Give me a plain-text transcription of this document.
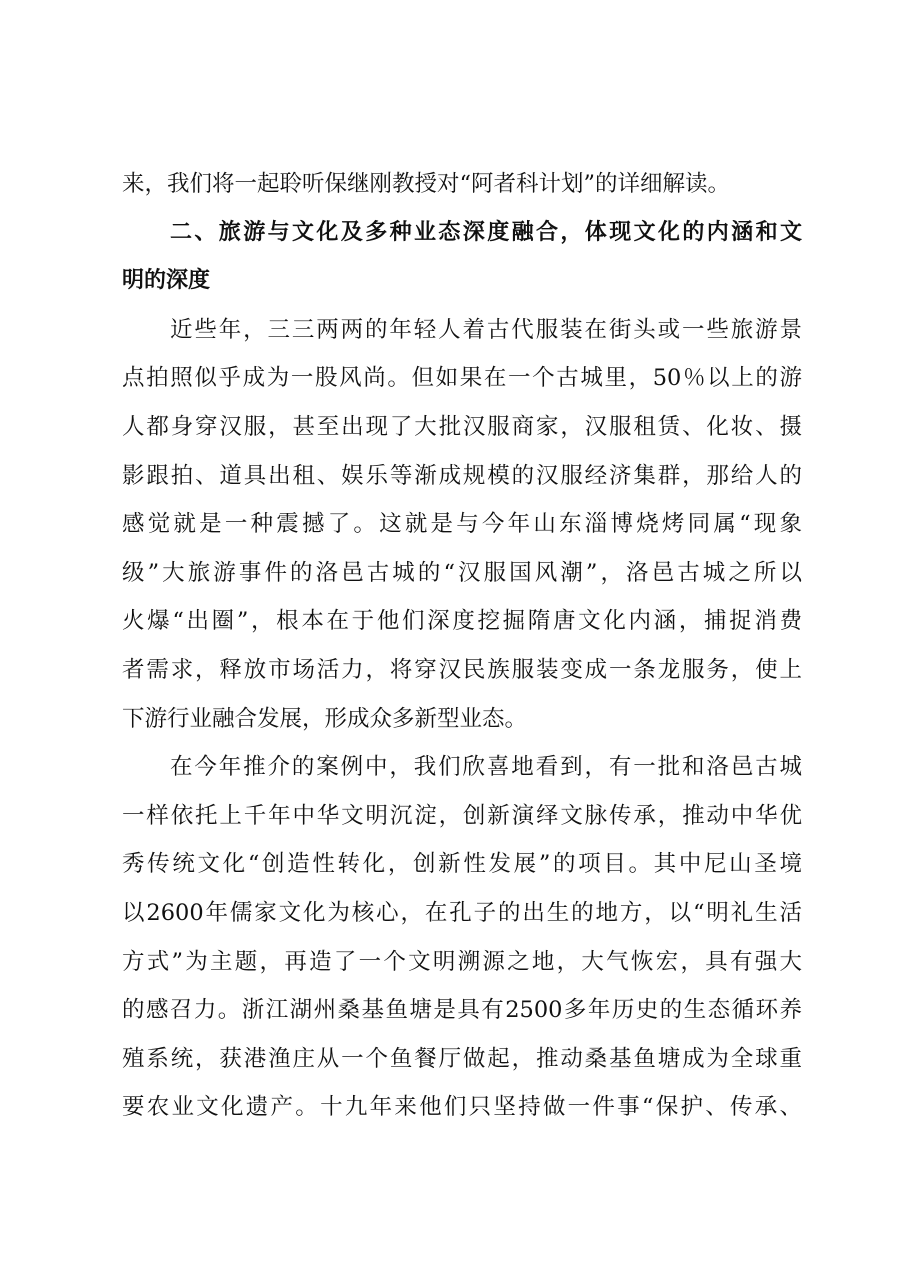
来，我们将一起聆听保继刚教授对“阿者科计划”的详细解读。
二、旅游与文化及多种业态深度融合，体现文化的内涵和文
明的深度
近些年，三三两两的年轻人着古代服装在街头或一些旅游景
点拍照似乎成为一股风尚。但如果在一个古城里，50％以上的游
人都身穿汉服，甚至出现了大批汉服商家，汉服租赁、化妆、摄
影跟拍、道具出租、娱乐等渐成规模的汉服经济集群，那给人的
感觉就是一种震撼了。这就是与今年山东淄博烧烤同属“现象
级”大旅游事件的洛邑古城的“汉服国风潮”，洛邑古城之所以
火爆“出圈”，根本在于他们深度挖掘隋唐文化内涵，捕捉消费
者需求，释放市场活力，将穿汉民族服装变成一条龙服务，使上
下游行业融合发展，形成众多新型业态。
在今年推介的案例中，我们欣喜地看到，有一批和洛邑古城
一样依托上千年中华文明沉淀，创新演绎文脉传承，推动中华优
秀传统文化“创造性转化，创新性发展”的项目。其中尼山圣境
以2600年儒家文化为核心，在孔子的出生的地方，以“明礼生活
方式”为主题，再造了一个文明溯源之地，大气恢宏，具有强大
的感召力。浙江湖州桑基鱼塘是具有2500多年历史的生态循环养
殖系统，获港渔庄从一个鱼餐厅做起，推动桑基鱼塘成为全球重
要农业文化遗产。十九年来他们只坚持做一件事“保护、传承、
